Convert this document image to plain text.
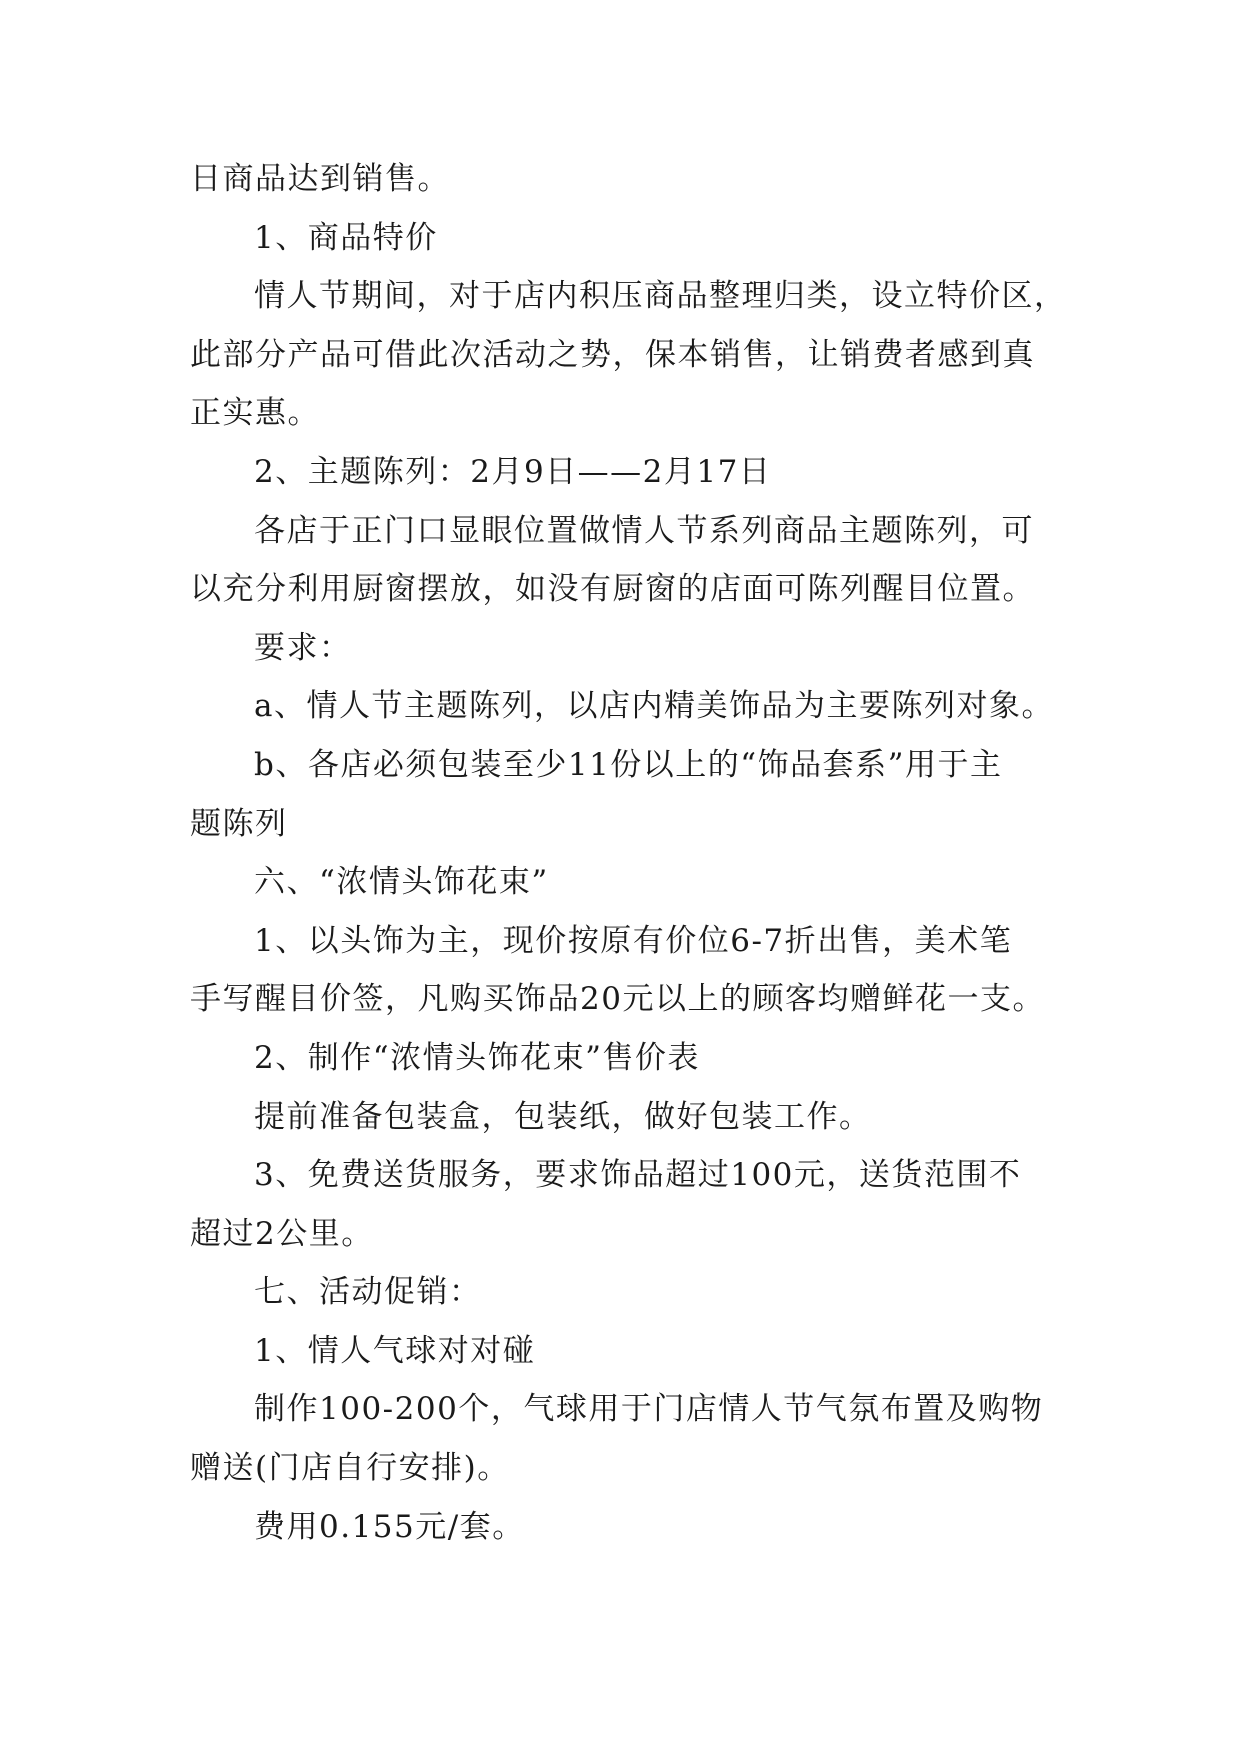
日商品达到销售。
1、商品特价
情人节期间，对于店内积压商品整理归类，设立特价区，
此部分产品可借此次活动之势，保本销售，让销费者感到真
正实惠。
2、主题陈列：2月9日——2月17日
各店于正门口显眼位置做情人节系列商品主题陈列，可
以充分利用厨窗摆放，如没有厨窗的店面可陈列醒目位置。
要求：
a、情人节主题陈列，以店内精美饰品为主要陈列对象。
b、各店必须包装至少11份以上的“饰品套系”用于主
题陈列
六、“浓情头饰花束”
1、以头饰为主，现价按原有价位6-7折出售，美术笔
手写醒目价签，凡购买饰品20元以上的顾客均赠鲜花一支。
2、制作“浓情头饰花束”售价表
提前准备包装盒，包装纸，做好包装工作。
3、免费送货服务，要求饰品超过100元，送货范围不
超过2公里。
七、活动促销：
1、情人气球对对碰
制作100-200个，气球用于门店情人节气氛布置及购物
赠送(门店自行安排)。
费用0.155元/套。
